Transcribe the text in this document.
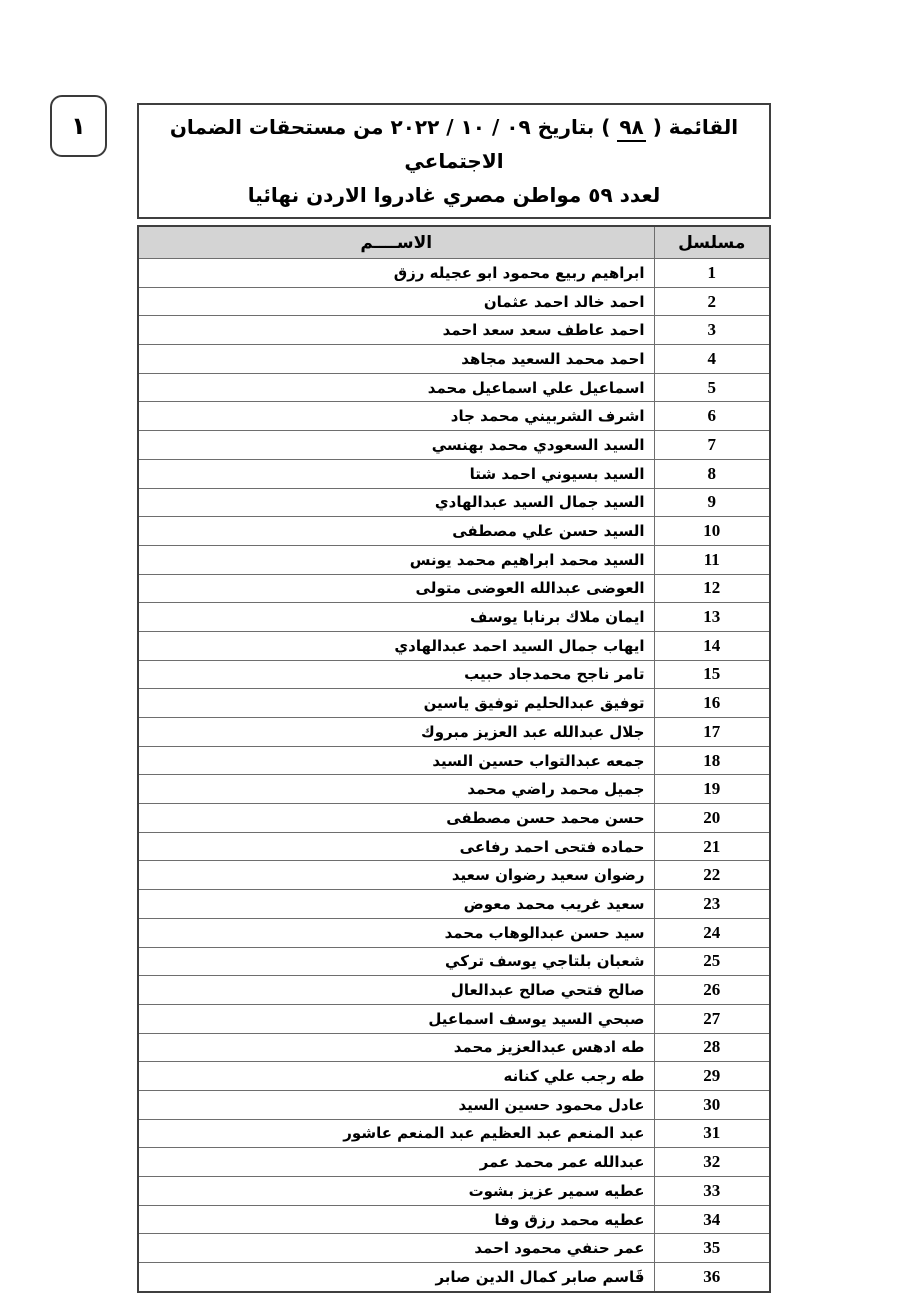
١	القائمة ( ٩٨ ) بتاريخ ٠٩ / ١٠ / ٢٠٢٢ من مستحقات الضمان الاجتماعي
لعدد ٥٩ مواطن مصري غادروا الاردن نهائيا
مسلسل	الاســــم
1	ابراهيم ربيع محمود ابو عجيله رزق
2	احمد خالد احمد عثمان
3	احمد عاطف سعد سعد احمد
4	احمد محمد السعيد مجاهد
5	اسماعيل علي اسماعيل محمد
6	اشرف الشربيني محمد جاد
7	السيد السعودي محمد بهنسي
8	السيد بسيوني احمد شتا
9	السيد جمال السيد عبدالهادي
10	السيد حسن علي مصطفى
11	السيد محمد ابراهيم محمد يونس
12	العوضى عبدالله العوضى متولى
13	ايمان ملاك برنابا يوسف
14	ايهاب جمال السيد احمد عبدالهادي
15	تامر ناجح محمدجاد حبيب
16	توفيق عبدالحليم توفيق ياسين
17	جلال عبدالله عبد العزيز مبروك
18	جمعه عبدالتواب حسين السيد
19	جميل محمد راضي محمد
20	حسن محمد حسن مصطفى
21	حماده فتحى احمد رفاعى
22	رضوان سعيد رضوان سعيد
23	سعيد غريب محمد معوض
24	سيد حسن عبدالوهاب محمد
25	شعبان بلتاجي يوسف تركي
26	صالح فتحي صالح عبدالعال
27	صبحي السيد يوسف اسماعيل
28	طه ادهس عبدالعزيز محمد
29	طه رجب علي كنانه
30	عادل محمود حسين السيد
31	عبد المنعم عبد العظيم عبد المنعم عاشور
32	عبدالله عمر محمد عمر
33	عطيه سمير عزيز بشوت
34	عطيه محمد رزق وفا
35	عمر حنفي محمود احمد
36	قَاسم صابر كمال الدين صابر
